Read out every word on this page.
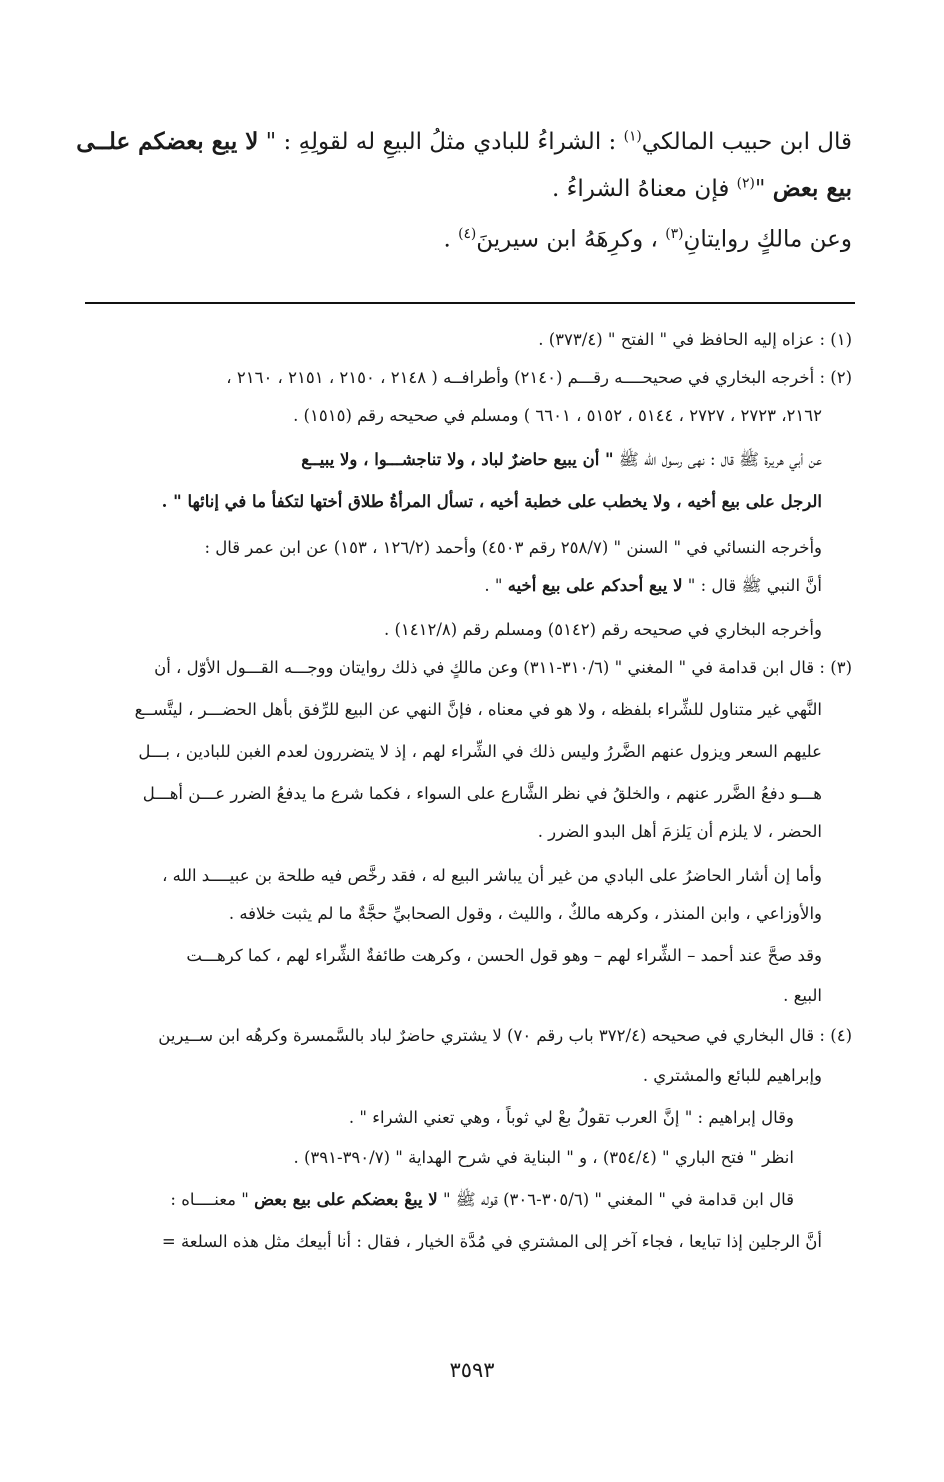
قال ابن حبيب المالكي$^{(١)}$ : الشراءُ للبادي مثلُ البيعِ له لقولِهِ : " لا يبع بعضكم علــى
بيع بعض "$^{(٢)}$ فإن معناهُ الشراءُ .
وعن مالكٍ روايتانِ$^{(٣)}$ ، وكرِهَهُ ابن سيرينَ$^{(٤)}$ .
(١) : عزاه إليه الحافظ في " الفتح " (٣٧٣/٤) .
(٢) : أخرجه البخاري في صحيحــــه رقـــم (٢١٤٠) وأطرافــه ( ٢١٤٨ ، ٢١٥٠ ، ٢١٥١ ، ٢١٦٠ ،
٢١٦٢، ٢٧٢٣ ، ٢٧٢٧ ، ٥١٤٤ ، ٥١٥٢ ، ٦٦٠١ ) ومسلم في صحيحه رقم (١٥١٥) .
عن أبي هريرة ﷺ قال : نهى رسول الله ﷺ " أن يبيع حاضرٌ لباد ، ولا تناجشـــوا ، ولا يبيــع
الرجل على بيع أخيه ، ولا يخطب على خطبة أخيه ، تسأل المرأةُ طلاق أختها لتكفأ ما في إنائها " .
وأخرجه النسائي في " السنن " (٢٥٨/٧ رقم ٤٥٠٣) وأحمد (١٢٦/٢ ، ١٥٣) عن ابن عمر قال :
أنَّ النبي ﷺ قال : " لا يبع أحدكم على بيع أخيه " .
وأخرجه البخاري في صحيحه رقم (٥١٤٢) ومسلم رقم (١٤١٢/٨) .
(٣) : قال ابن قدامة في " المغني " (٣١٠/٦-٣١١) وعن مالكٍ في ذلك روايتان ووجـــه القـــول الأوّل ، أن
النَّهي غير متناول للشِّراء بلفظه ، ولا هو في معناه ، فإنَّ النهي عن البيع للرِّفق بأهل الحضـــر ، ليتَّســع
عليهم السعر ويزول عنهم الضَّررُ وليس ذلك في الشِّراء لهم ، إذ لا يتضررون لعدم الغبن للبادين ، بـــل
هـــو دفعُ الضَّرر عنهم ، والخلقُ في نظر الشَّارع على السواء ، فكما شرع ما يدفعُ الضرر عـــن أهـــل
الحضر ، لا يلزم أن يَلزمَ أهل البدو الضرر .
وأما إن أشار الحاضرُ على البادي من غير أن يباشر البيع له ، فقد رخَّص فيه طلحة بن عبيــــد الله ،
والأوزاعي ، وابن المنذر ، وكرهه مالكٌ ، والليث ، وقول الصحابيِّ حجَّةٌ ما لم يثبت خلافه .
وقد صحَّ عند أحمد – الشِّراء لهم – وهو قول الحسن ، وكرهت طائفةٌ الشِّراء لهم ، كما كرهـــت
البيع .
(٤) : قال البخاري في صحيحه (٣٧٢/٤ باب رقم ٧٠) لا يشتري حاضرٌ لباد بالسَّمسرة وكرهُه ابن ســيرين
وإبراهيم للبائع والمشتري .
وقال إبراهيم : " إنَّ العرب تقولُ بعْ لي ثوباً ، وهي تعني الشراء " .
انظر " فتح الباري " (٣٥٤/٤) ، و " البناية في شرح الهداية " (٣٩٠/٧-٣٩١) .
قال ابن قدامة في " المغني " (٣٠٥/٦-٣٠٦) قوله ﷺ " لا يبعْ بعضكم على بيع بعض " معنــــاه :
أنَّ الرجلين إذا تبايعا ، فجاء آخر إلى المشتري في مُدَّة الخيار ، فقال : أنا أبيعك مثل هذه السلعة =
٣٥٩٣
